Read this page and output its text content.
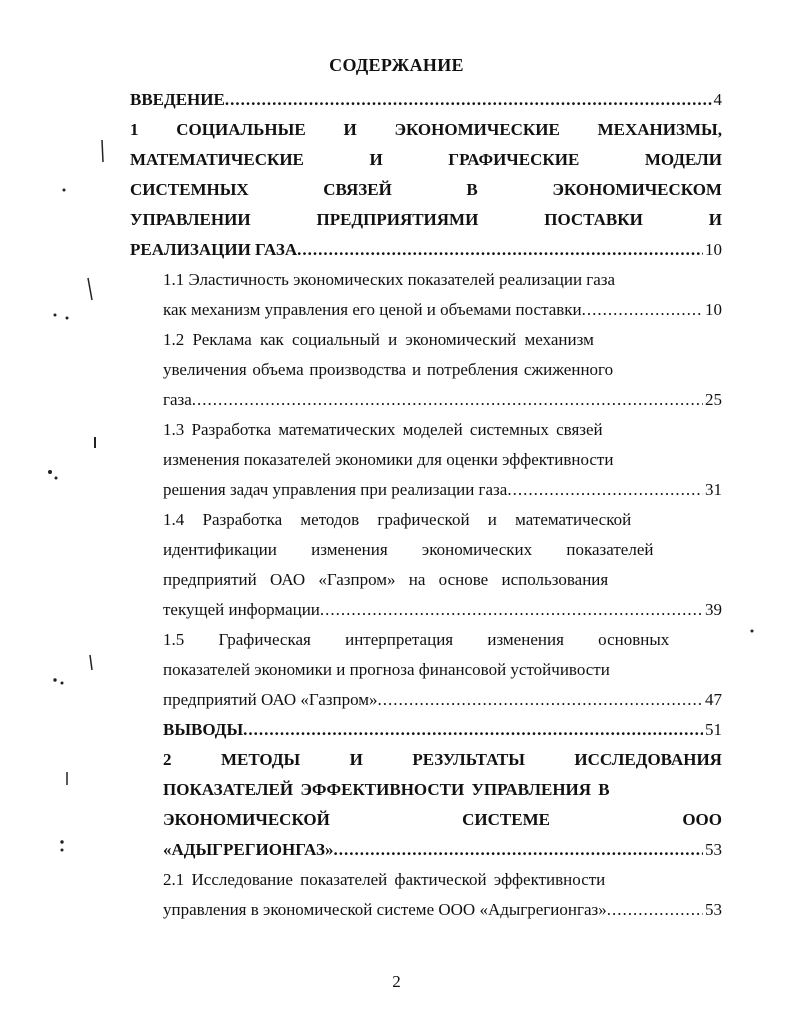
СОДЕРЖАНИЕ
ВВЕДЕНИЕ .....	4
1 СОЦИАЛЬНЫЕ И ЭКОНОМИЧЕСКИЕ МЕХАНИЗМЫ,
МАТЕМАТИЧЕСКИЕ	И	ГРАФИЧЕСКИЕ	МОДЕЛИ
СИСТЕМНЫХ	СВЯЗЕЙ	В	ЭКОНОМИЧЕСКОМ
УПРАВЛЕНИИ	ПРЕДПРИЯТИЯМИ	ПОСТАВКИ	И
РЕАЛИЗАЦИИ ГАЗА .....	10
1.1 Эластичность экономических показателей реализации газа
как механизм управления его ценой и объемами поставки .....	10
1.2 Реклама как социальный и экономический механизм
увеличения объема производства и потребления сжиженного
газа .....	25
1.3 Разработка математических моделей системных связей
изменения показателей экономики для оценки эффективности
решения задач управления при реализации газа .....	31
1.4 Разработка методов графической и математической
идентификации изменения экономических показателей
предприятий ОАО «Газпром» на основе использования
текущей информации .....	39
1.5 Графическая интерпретация изменения основных
показателей экономики и прогноза финансовой устойчивости
предприятий ОАО «Газпром» .....	47
ВЫВОДЫ .....	51
2	МЕТОДЫ	И	РЕЗУЛЬТАТЫ	ИССЛЕДОВАНИЯ
ПОКАЗАТЕЛЕЙ ЭФФЕКТИВНОСТИ УПРАВЛЕНИЯ В
ЭКОНОМИЧЕСКОЙ	СИСТЕМЕ	ООО
«АДЫГРЕГИОНГАЗ» .....	53
2.1 Исследование показателей фактической эффективности
управления в экономической системе ООО «Адыгрегионгаз» .....	53
2
